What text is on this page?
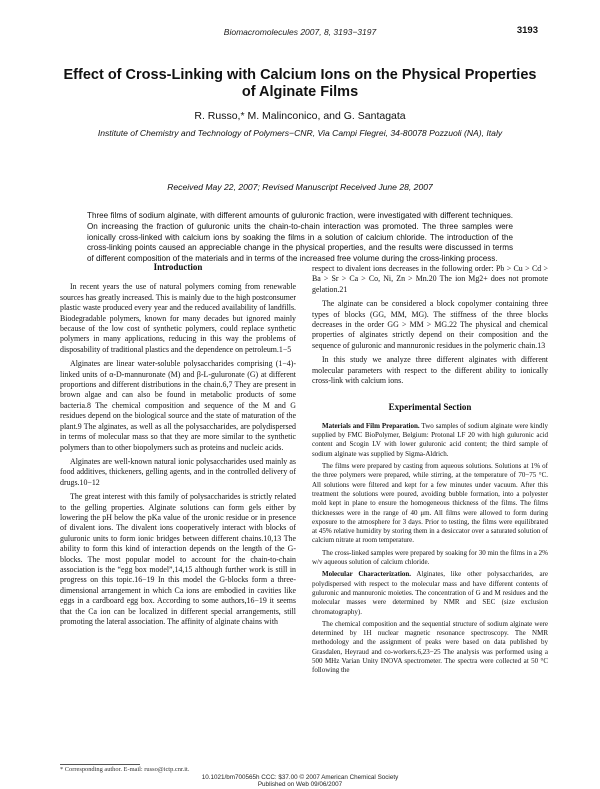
Biomacromolecules 2007, 8, 3193−3197	3193
Effect of Cross-Linking with Calcium Ions on the Physical Properties of Alginate Films
R. Russo,* M. Malinconico, and G. Santagata
Institute of Chemistry and Technology of Polymers−CNR, Via Campi Flegrei, 34-80078 Pozzuoli (NA), Italy
Received May 22, 2007; Revised Manuscript Received June 28, 2007
Three films of sodium alginate, with different amounts of guluronic fraction, were investigated with different techniques. On increasing the fraction of guluronic units the chain-to-chain interaction was promoted. The three samples were ionically cross-linked with calcium ions by soaking the films in a solution of calcium chloride. The introduction of the cross-linking points caused an appreciable change in the physical properties, and the results were discussed in terms of different composition of the materials and in terms of the increased free volume during the cross-linking process.
Introduction

In recent years the use of natural polymers coming from renewable sources has greatly increased. This is mainly due to the high postconsumer plastic waste produced every year and the reduced availability of landfills. Biodegradable polymers, known for many decades but ignored mainly because of the low cost of synthetic polymers, could replace synthetic polymers in many applications, reducing in this way the problems of disposability of traditional plastics and the dependence on petroleum.1−5

Alginates are linear water-soluble polysaccharides comprising (1−4)-linked units of α-D-mannuronate (M) and β-L-guluronate (G) at different proportions and different distributions in the chain.6,7 They are present in brown algae and can also be found in metabolic products of some bacteria.8 The chemical composition and sequence of the M and G residues depend on the biological source and the state of maturation of the plant.9 The alginates, as well as all the polysaccharides, are polydispersed in terms of molecular mass so that they are more similar to the synthetic polymers than to other biopolymers such as proteins and nucleic acids.

Alginates are well-known natural ionic polysaccharides used mainly as food additives, thickeners, gelling agents, and in the controlled delivery of drugs.10−12

The great interest with this family of polysaccharides is strictly related to the gelling properties. Alginate solutions can form gels either by lowering the pH below the pKa value of the uronic residue or in presence of divalent ions. The divalent ions cooperatively interact with blocks of guluronic units to form ionic bridges between different chains.10,13 The ability to form this kind of interaction depends on the length of the G-blocks. The most popular model to account for the chain-to-chain association is the “egg box model”,14,15 although further work is still in progress on this topic.16−19 In this model the G-blocks form a three-dimensional arrangement in which Ca ions are embodied in cavities like eggs in a cardboard egg box. According to some authors,16−19 it seems that the Ca ion can be localized in different special arrangements, still promoting the lateral association. The affinity of alginate chains with

respect to divalent ions decreases in the following order: Pb > Cu > Cd > Ba > Sr > Ca > Co, Ni, Zn > Mn.20 The ion Mg2+ does not promote gelation.21

The alginate can be considered a block copolymer containing three types of blocks (GG, MM, MG). The stiffness of the three blocks decreases in the order GG > MM > MG.22 The physical and chemical properties of alginates strictly depend on their composition and the sequence of guluronic and mannuronic residues in the polymeric chain.13

In this study we analyze three different alginates with different molecular parameters with respect to the different ability to ionically cross-link with calcium ions.

Experimental Section

Materials and Film Preparation. Two samples of sodium alginate were kindly supplied by FMC BioPolymer, Belgium: Protonal LF 20 with high guluronic acid content and Scogin LV with lower guluronic acid content; the third sample of sodium alginate was supplied by Sigma-Aldrich.

The films were prepared by casting from aqueous solutions. Solutions at 1% of the three polymers were prepared, while stirring, at the temperature of 70−75 °C. All solutions were filtered and kept for a few minutes under vacuum. After this treatment the solutions were poured, avoiding bubble formation, into a polyester mold kept in plane to ensure the homogeneous thickness of the films. The films thicknesses were in the range of 40 μm. All films were allowed to form during exposure to the atmosphere for 3 days. Prior to testing, the films were equilibrated at 45% relative humidity by storing them in a desiccator over a saturated solution of calcium nitrate at room temperature.

The cross-linked samples were prepared by soaking for 30 min the films in a 2% w/v aqueous solution of calcium chloride.

Molecular Characterization. Alginates, like other polysaccharides, are polydispersed with respect to the molecular mass and have different contents of guluronic and mannuronic moieties. The concentration of G and M residues and the molecular masses were determined by NMR and SEC (size exclusion chromatography).

The chemical composition and the sequential structure of sodium alginate were determined by 1H nuclear magnetic resonance spectroscopy. The NMR methodology and the assignment of peaks were based on data published by Grasdalen, Heyraud and co-workers.6,23−25 The analysis was performed using a 500 MHz Varian Unity INOVA spectrometer. The spectra were collected at 50 °C following the

* Corresponding author. E-mail: russo@ictp.cnr.it.
10.1021/bm700565h CCC: $37.00 © 2007 American Chemical Society
Published on Web 09/06/2007
